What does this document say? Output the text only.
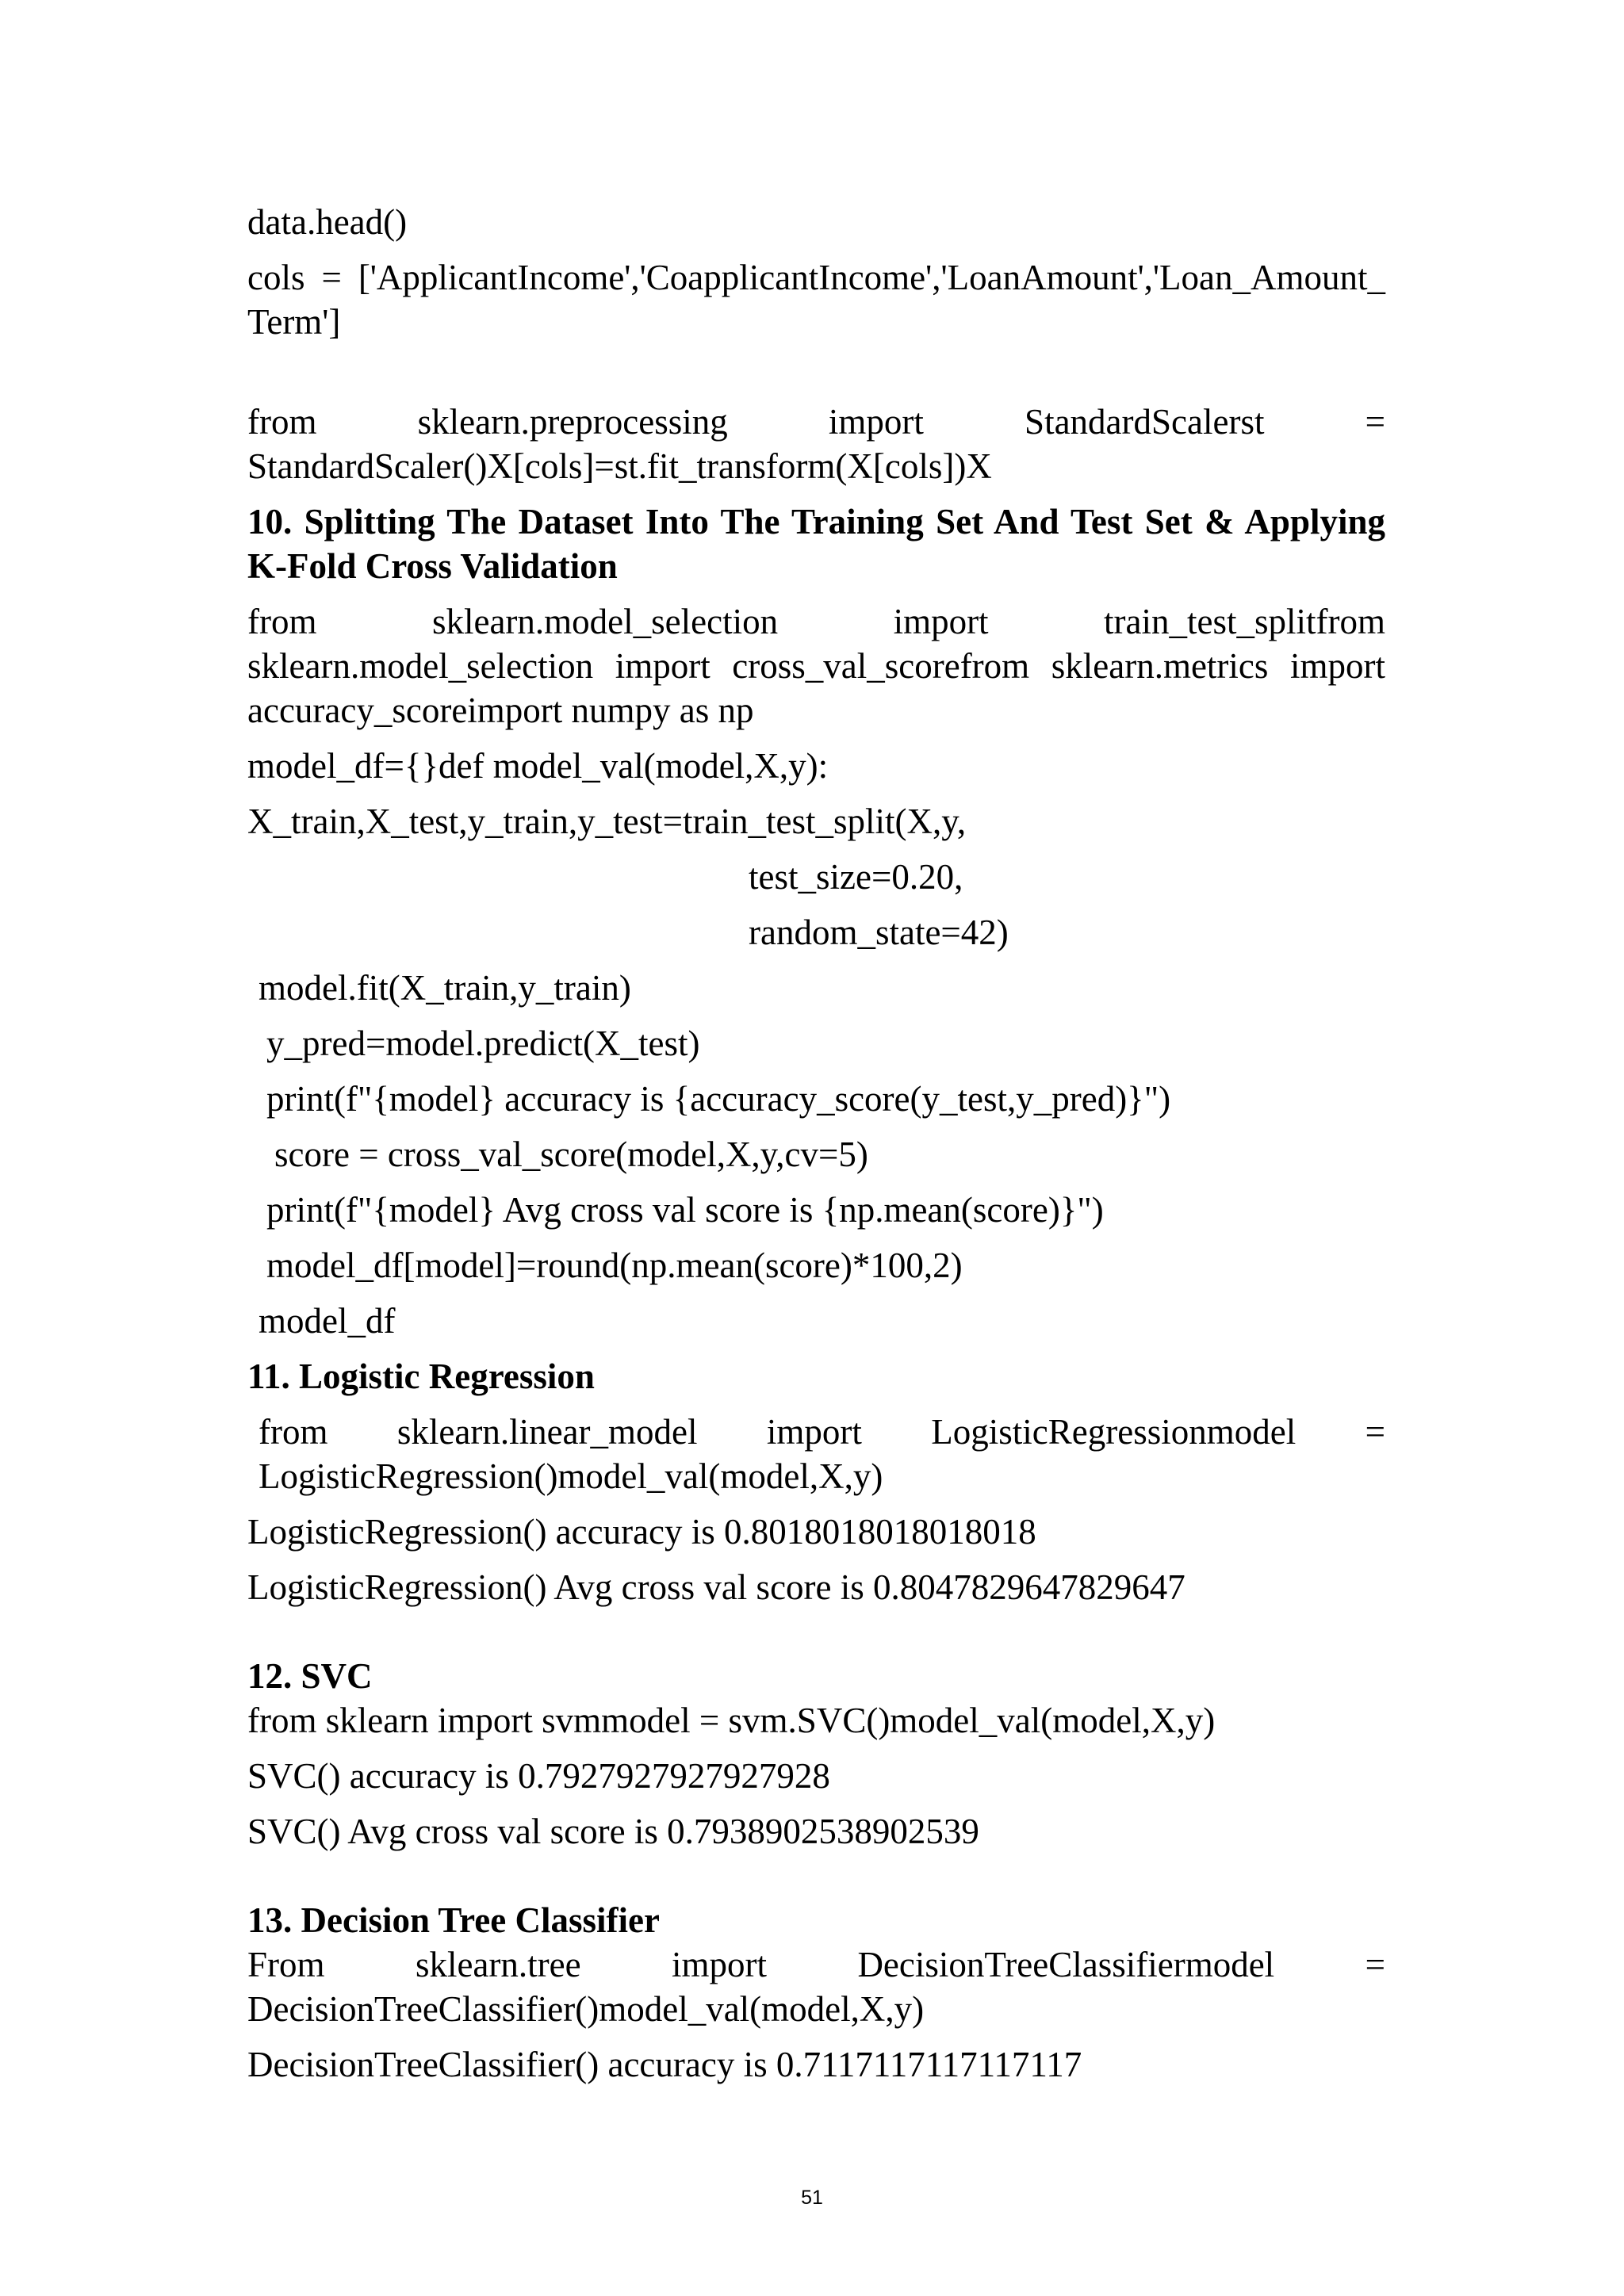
data.head()

cols = ['ApplicantIncome','CoapplicantIncome','LoanAmount','Loan_Amount_ Term']

from sklearn.preprocessing import StandardScalerst = StandardScaler()X[cols]=st.fit_transform(X[cols])X

10. Splitting The Dataset Into The Training Set And Test Set & Applying K-Fold Cross Validation

from sklearn.model_selection import train_test_splitfrom sklearn.model_selection import cross_val_scorefrom sklearn.metrics import accuracy_scoreimport numpy as np

model_df={}def model_val(model,X,y):

X_train,X_test,y_train,y_test=train_test_split(X,y,

test_size=0.20,

random_state=42)

model.fit(X_train,y_train)

y_pred=model.predict(X_test)

print(f"{model} accuracy is {accuracy_score(y_test,y_pred)}")

score = cross_val_score(model,X,y,cv=5)

print(f"{model} Avg cross val score is {np.mean(score)}")

model_df[model]=round(np.mean(score)*100,2)

model_df

11. Logistic Regression

from sklearn.linear_model import LogisticRegressionmodel = LogisticRegression()model_val(model,X,y)

LogisticRegression() accuracy is 0.8018018018018018

LogisticRegression() Avg cross val score is 0.8047829647829647

12. SVC

from sklearn import svmmodel = svm.SVC()model_val(model,X,y)

SVC() accuracy is 0.7927927927927928

SVC() Avg cross val score is 0.7938902538902539

13. Decision Tree Classifier

From sklearn.tree import DecisionTreeClassifiermodel = DecisionTreeClassifier()model_val(model,X,y)

DecisionTreeClassifier() accuracy is 0.7117117117117117

51
